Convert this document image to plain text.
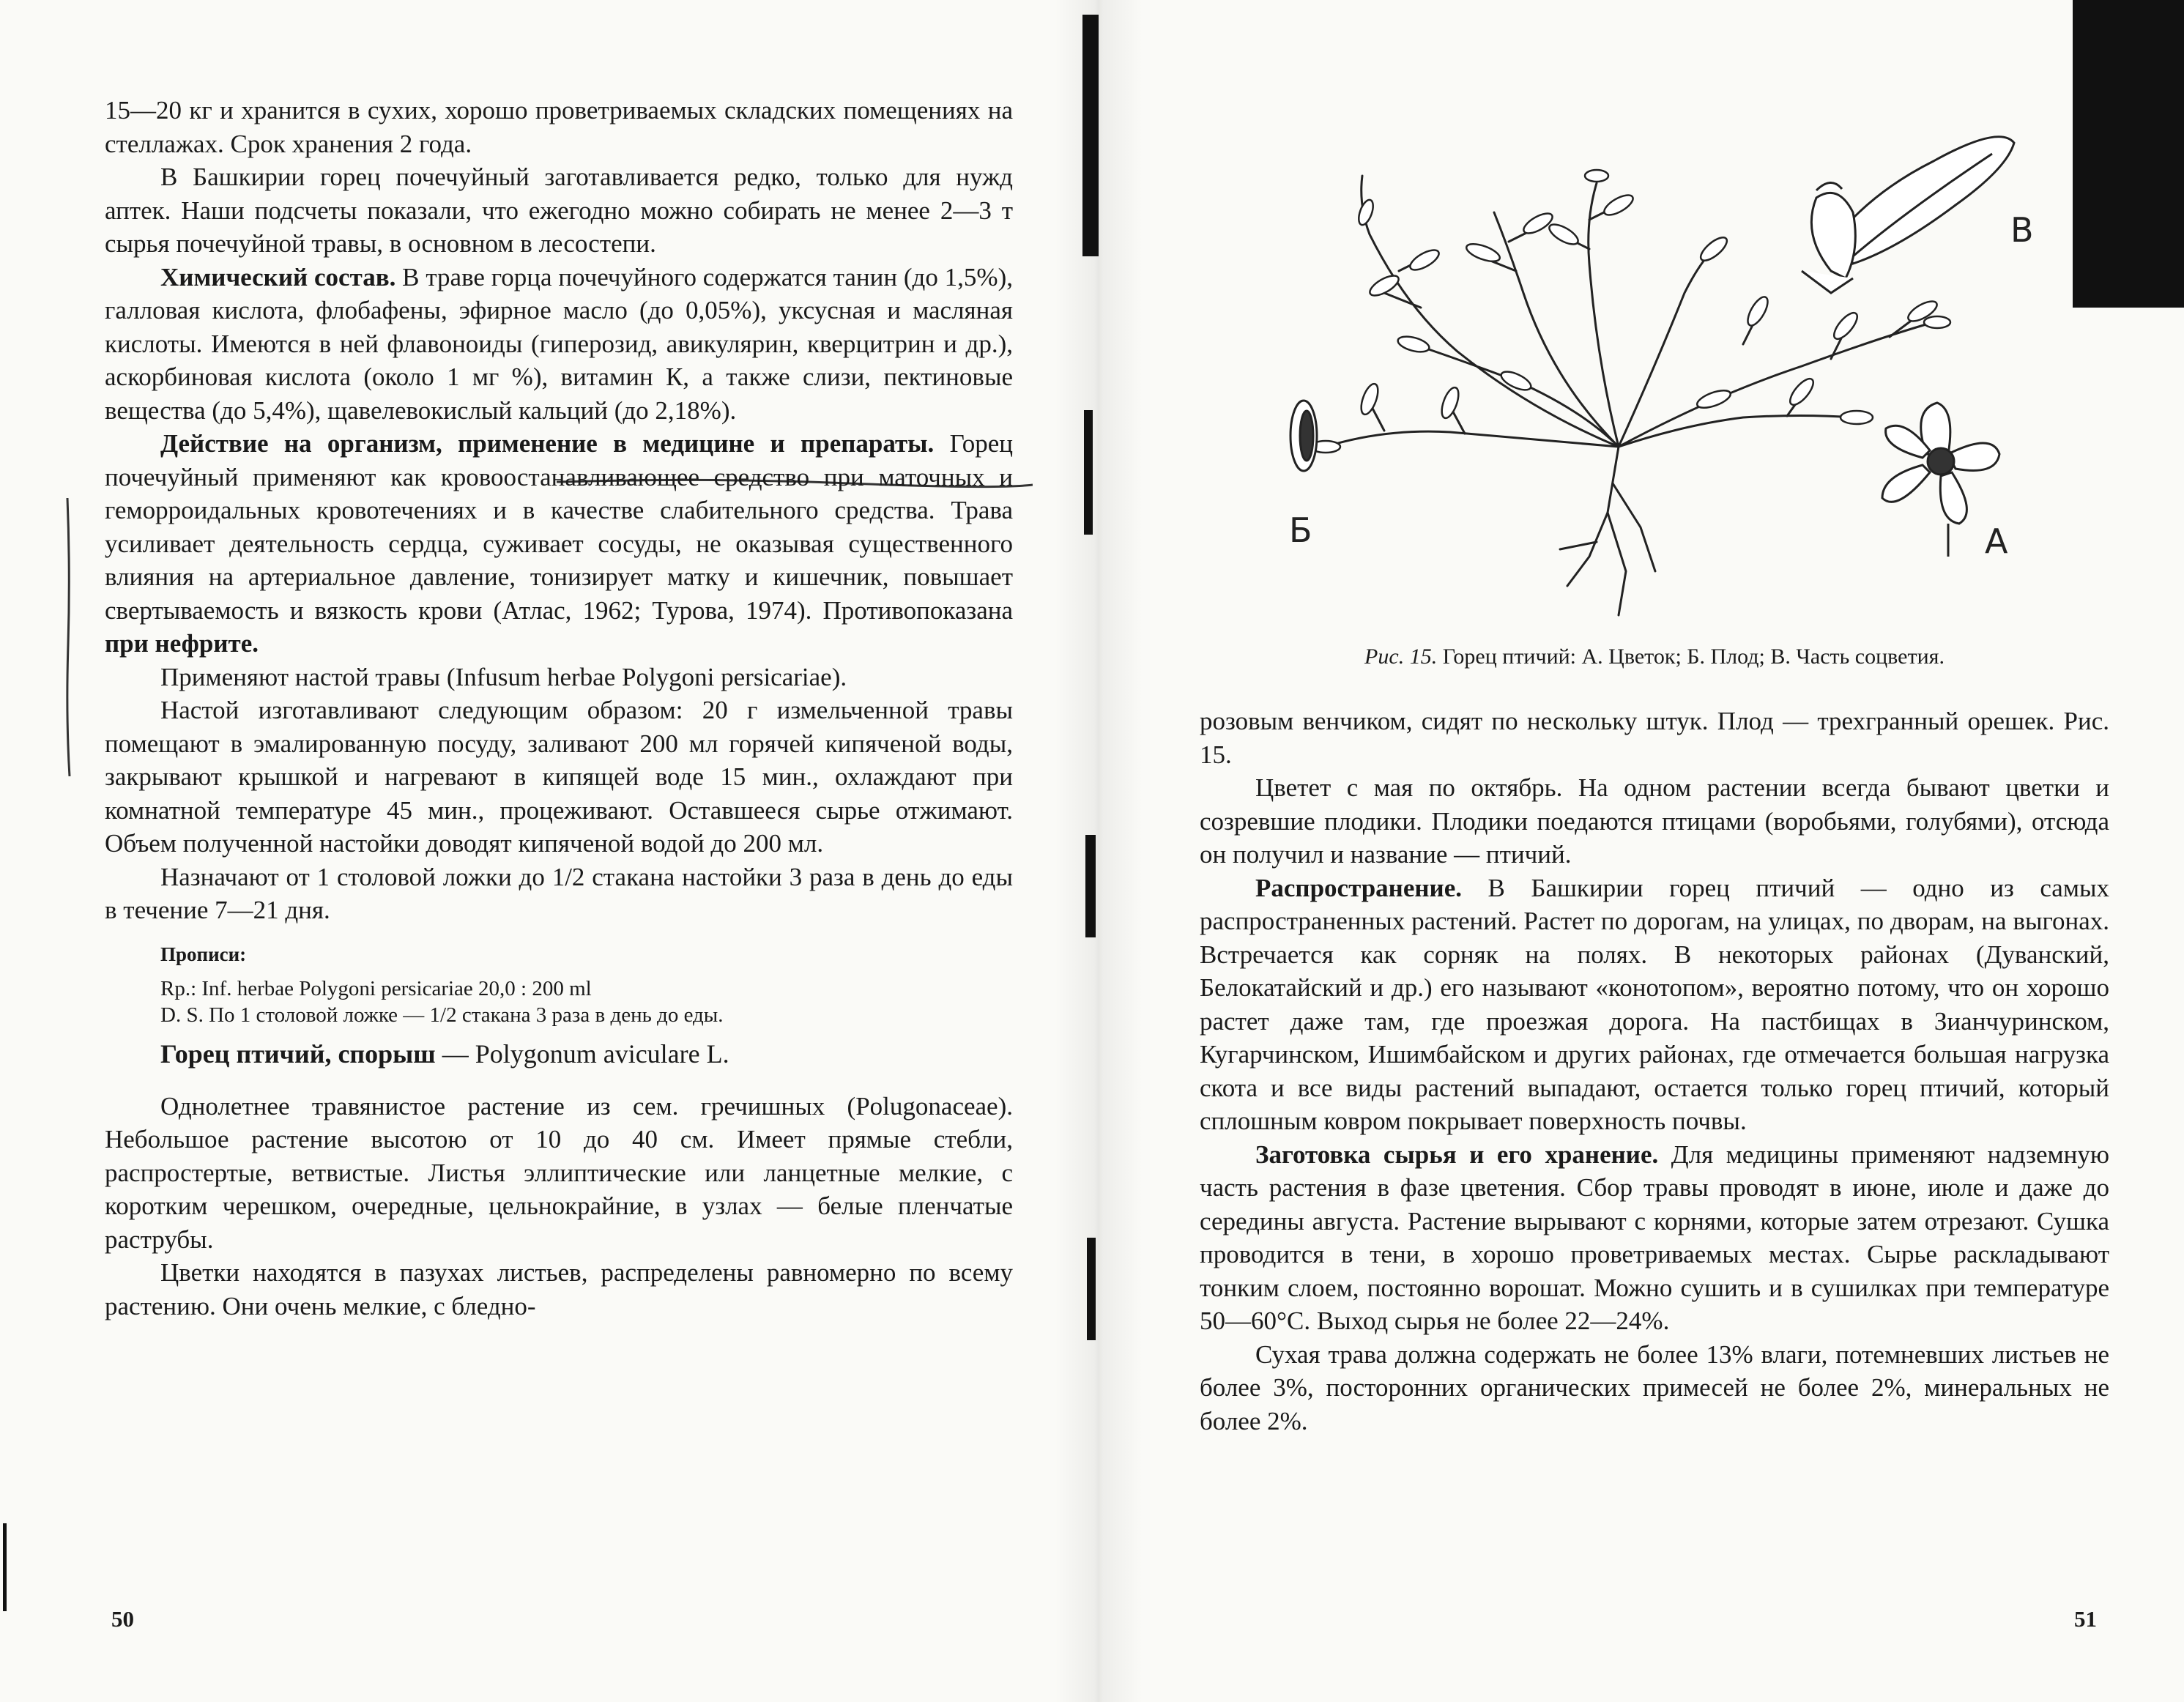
15—20 кг и хранится в сухих, хорошо проветриваемых складских помещениях на стеллажах. Срок хранения 2 года.

В Башкирии горец почечуйный заготавливается редко, только для нужд аптек. Наши подсчеты показали, что ежегодно можно собирать не менее 2—3 т сырья почечуйной травы, в основном в лесостепи.

Химический состав. В траве горца почечуйного содержатся танин (до 1,5%), галловая кислота, флобафены, эфирное масло (до 0,05%), уксусная и масляная кислоты. Имеются в ней флавоноиды (гиперозид, авикулярин, кверцитрин и др.), аскорбиновая кислота (около 1 мг %), витамин К, а также слизи, пектиновые вещества (до 5,4%), щавелевокислый кальций (до 2,18%).

Действие на организм, применение в медицине и препараты. Горец почечуйный применяют как кровоостанавливающее средство при маточных и геморроидальных кровотечениях и в качестве слабительного средства. Трава усиливает деятельность сердца, суживает сосуды, не оказывая существенного влияния на артериальное давление, тонизирует матку и кишечник, повышает свертываемость и вязкость крови (Атлас, 1962; Турова, 1974). Противопоказана при нефрите.

Применяют настой травы (Infusum herbae Polygoni persicariae).

Настой изготавливают следующим образом: 20 г измельченной травы помещают в эмалированную посуду, заливают 200 мл горячей кипяченой воды, закрывают крышкой и нагревают в кипящей воде 15 мин., охлаждают при комнатной температуре 45 мин., процеживают. Оставшееся сырье отжимают. Объем полученной настойки доводят кипяченой водой до 200 мл.

Назначают от 1 столовой ложки до 1/2 стакана настойки 3 раза в день до еды в течение 7—21 дня.

Прописи:

Rp.: Inf. herbae Polygoni persicariae 20,0 : 200 ml

D. S. По 1 столовой ложке — 1/2 стакана 3 раза в день до еды.

Горец птичий, спорыш — Polygonum aviculare L.

Однолетнее травянистое растение из сем. гречишных (Polugonaceae). Небольшое растение высотою от 10 до 40 см. Имеет прямые стебли, распростертые, ветвистые. Листья эллиптические или ланцетные мелкие, с коротким черешком, очередные, цельнокрайние, в узлах — белые пленчатые раструбы.

Цветки находятся в пазухах листьев, распределены равномерно по всему растению. Они очень мелкие, с бледно-

50
Б	А
В
Рис. 15. Горец птичий: А. Цветок; Б. Плод; В. Часть соцветия.

розовым венчиком, сидят по нескольку штук. Плод — трехгранный орешек. Рис. 15.

Цветет с мая по октябрь. На одном растении всегда бывают цветки и созревшие плодики. Плодики поедаются птицами (воробьями, голубями), отсюда он получил и название — птичий.

Распространение. В Башкирии горец птичий — одно из самых распространенных растений. Растет по дорогам, на улицах, по дворам, на выгонах. Встречается как сорняк на полях. В некоторых районах (Дуванский, Белокатайский и др.) его называют «конотопом», вероятно потому, что он хорошо растет даже там, где проезжая дорога. На пастбищах в Зианчуринском, Кугарчинском, Ишимбайском и других районах, где отмечается большая нагрузка скота и все виды растений выпадают, остается только горец птичий, который сплошным ковром покрывает поверхность почвы.

Заготовка сырья и его хранение. Для медицины применяют надземную часть растения в фазе цветения. Сбор травы проводят в июне, июле и даже до середины августа. Растение вырывают с корнями, которые затем отрезают. Сушка проводится в тени, в хорошо проветриваемых местах. Сырье раскладывают тонким слоем, постоянно ворошат. Можно сушить и в сушилках при температуре 50—60°С. Выход сырья не более 22—24%.

Сухая трава должна содержать не более 13% влаги, потемневших листьев не более 3%, посторонних органических примесей не более 2%, минеральных не более 2%.

51
